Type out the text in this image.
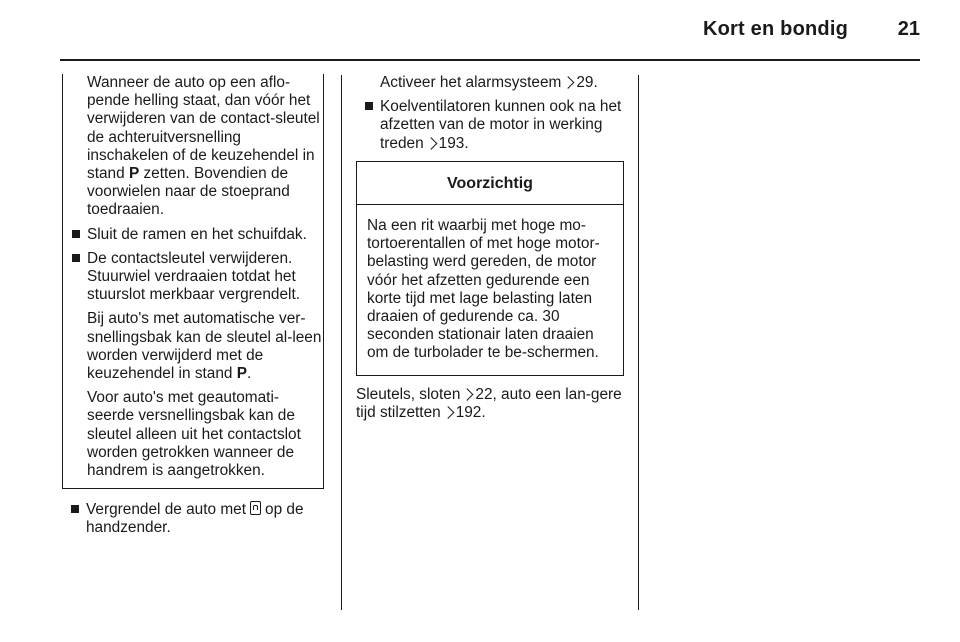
Kort en bondig 21

Wanneer de auto op een aflo-pende helling staat, dan vóór het verwijderen van de contact-sleutel de achteruitversnelling inschakelen of de keuzehendel in stand P zetten. Bovendien de voorwielen naar de stoeprand toedraaien.

Sluit de ramen en het schuifdak.
De contactsleutel verwijderen. Stuurwiel verdraaien totdat het stuurslot merkbaar vergrendelt.

Bij auto's met automatische ver-snellingsbak kan de sleutel al-leen worden verwijderd met de keuzehendel in stand P.

Voor auto's met geautomati-seerde versnellingsbak kan de sleutel alleen uit het contactslot worden getrokken wanneer de handrem is aangetrokken.

Vergrendel de auto met op de handzender.

Activeer het alarmsysteem 29.

Koelventilatoren kunnen ook na het afzetten van de motor in werking treden 193.
Voorzichtig
Na een rit waarbij met hoge mo-tortoerentallen of met hoge motor-belasting werd gereden, de motor vóór het afzetten gedurende een korte tijd met lage belasting laten draaien of gedurende ca. 30 seconden stationair laten draaien om de turbolader te be-schermen.

Sleutels, sloten 22, auto een lan-gere tijd stilzetten 192.
